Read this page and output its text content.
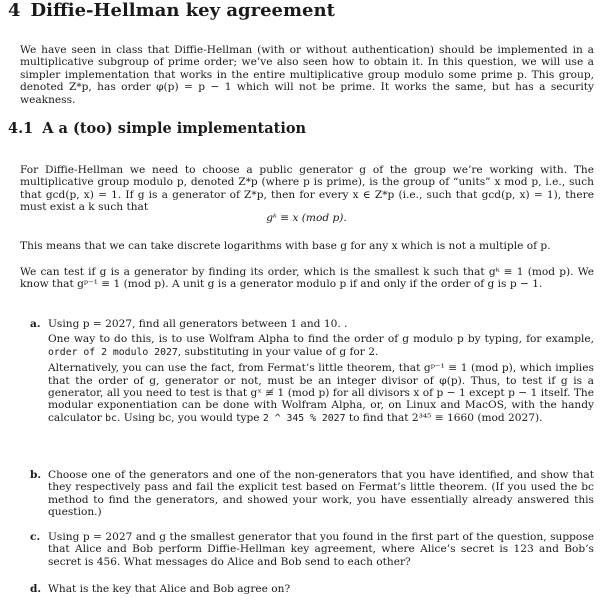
4 Diffie-Hellman key agreement
We have seen in class that Diffie-Hellman (with or without authentication) should be implemented in a multiplicative subgroup of prime order; we’ve also seen how to obtain it. In this question, we will use a simpler implementation that works in the entire multiplicative group modulo some prime p. This group, denoted Z*p, has order φ(p) = p − 1 which will not be prime. It works the same, but has a security weakness.
4.1 A a (too) simple implementation
For Diffie-Hellman we need to choose a public generator g of the group we’re working with. The multiplicative group modulo p, denoted Z*p (where p is prime), is the group of “units” x mod p, i.e., such that gcd(p, x) = 1. If g is a generator of Z*p, then for every x ∈ Z*p (i.e., such that gcd(p, x) = 1), there must exist a k such that
gᵏ ≡ x (mod p).
This means that we can take discrete logarithms with base g for any x which is not a multiple of p.
We can test if g is a generator by finding its order, which is the smallest k such that gᵏ ≡ 1 (mod p). We know that gᵖ⁻¹ ≡ 1 (mod p). A unit g is a generator modulo p if and only if the order of g is p − 1.
a. Using p = 2027, find all generators between 1 and 10. .
One way to do this, is to use Wolfram Alpha to find the order of g modulo p by typing, for example, order of 2 modulo 2027, substituting in your value of g for 2.
Alternatively, you can use the fact, from Fermat’s little theorem, that gᵖ⁻¹ ≡ 1 (mod p), which implies that the order of g, generator or not, must be an integer divisor of φ(p). Thus, to test if g is a generator, all you need to test is that gˣ ≢ 1 (mod p) for all divisors x of p − 1 except p − 1 itself. The modular exponentiation can be done with Wolfram Alpha, or, on Linux and MacOS, with the handy calculator bc. Using bc, you would type 2 ^ 345 % 2027 to find that 2³⁴⁵ ≡ 1660 (mod 2027).
b. Choose one of the generators and one of the non-generators that you have identified, and show that they respectively pass and fail the explicit test based on Fermat’s little theorem. (If you used the bc method to find the generators, and showed your work, you have essentially already answered this question.)
c. Using p = 2027 and g the smallest generator that you found in the first part of the question, suppose that Alice and Bob perform Diffie-Hellman key agreement, where Alice’s secret is 123 and Bob’s secret is 456. What messages do Alice and Bob send to each other?
d. What is the key that Alice and Bob agree on?
